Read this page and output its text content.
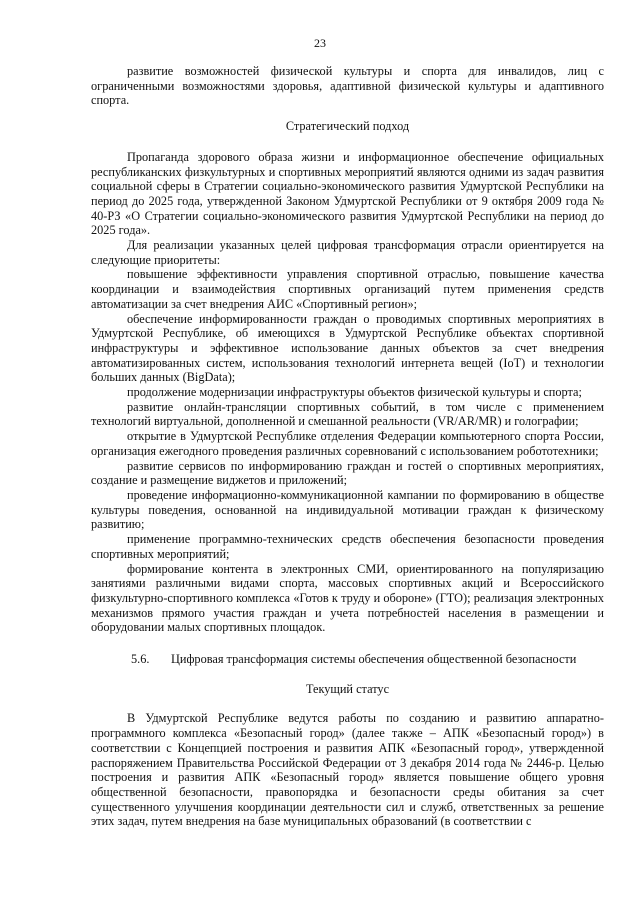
23

развитие возможностей физической культуры и спорта для инвалидов, лиц с ограниченными возможностями здоровья, адаптивной физической культуры и адаптивного спорта.

Стратегический подход

Пропаганда здорового образа жизни и информационное обеспечение официальных республиканских физкультурных и спортивных мероприятий являются одними из задач развития социальной сферы в Стратегии социально-экономического развития Удмуртской Республики на период до 2025 года, утвержденной Законом Удмуртской Республики от 9 октября 2009 года № 40-РЗ «О Стратегии социально-экономического развития Удмуртской Республики на период до 2025 года».

Для реализации указанных целей цифровая трансформация отрасли ориентируется на следующие приоритеты:

повышение эффективности управления спортивной отраслью, повышение качества координации и взаимодействия спортивных организаций путем применения средств автоматизации за счет внедрения АИС «Спортивный регион»;

обеспечение информированности граждан о проводимых спортивных мероприятиях в Удмуртской Республике, об имеющихся в Удмуртской Республике объектах спортивной инфраструктуры и эффективное использование данных объектов за счет внедрения автоматизированных систем, использования технологий интернета вещей (IoT) и технологии больших данных (BigData);

продолжение модернизации инфраструктуры объектов физической культуры и спорта;

развитие онлайн-трансляции спортивных событий, в том числе с применением технологий виртуальной, дополненной и смешанной реальности (VR/AR/MR) и голографии;

открытие в Удмуртской Республике отделения Федерации компьютерного спорта России, организация ежегодного проведения различных соревнований с использованием робототехники;

развитие сервисов по информированию граждан и гостей о спортивных мероприятиях, создание и размещение виджетов и приложений;

проведение информационно-коммуникационной кампании по формированию в обществе культуры поведения, основанной на индивидуальной мотивации граждан к физическому развитию;

применение программно-технических средств обеспечения безопасности проведения спортивных мероприятий;

формирование контента в электронных СМИ, ориентированного на популяризацию занятиями различными видами спорта, массовых спортивных акций и Всероссийского физкультурно-спортивного комплекса «Готов к труду и обороне» (ГТО); реализация электронных механизмов прямого участия граждан и учета потребностей населения в размещении и оборудовании малых спортивных площадок.

5.6.	Цифровая трансформация системы обеспечения общественной безопасности

Текущий статус

В Удмуртской Республике ведутся работы по созданию и развитию аппаратно-программного комплекса «Безопасный город» (далее также – АПК «Безопасный город») в соответствии с Концепцией построения и развития АПК «Безопасный город», утвержденной распоряжением Правительства Российской Федерации от 3 декабря 2014 года № 2446-р. Целью построения и развития АПК «Безопасный город» является повышение общего уровня общественной безопасности, правопорядка и безопасности среды обитания за счет существенного улучшения координации деятельности сил и служб, ответственных за решение этих задач, путем внедрения на базе муниципальных образований (в соответствии с
